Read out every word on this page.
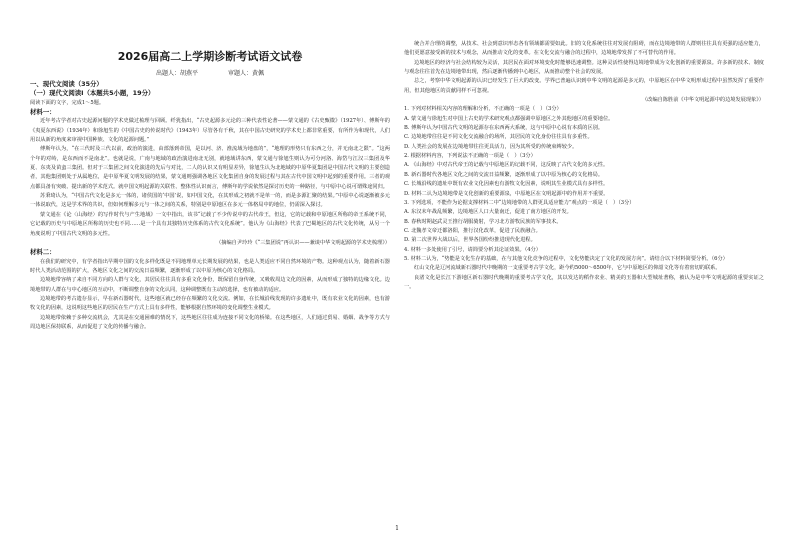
2026届高二上学期诊断考试语文试卷
出题人：胡燕平	审题人：黄佩
一、现代文阅读（35分）
（一）现代文阅读Ⅰ（本题共5小题，19分）

阅读下面的文字，完成1～5题。

材料一：

近年考古学者对古史起源问题的学术史做过梳理与回顾。纤犹指出，“古史起源多元论的三种代表性论著——蒙文通的《古史甄微》（1927年）、傅斯年的《夷夏东西说》（1934年）和徐旭生的《中国古史的传说时代》（1943年）尽管各有千秋，其在中国古史研究的学术史上都非常重要，有所作为和现代，人们用以从新的角度来审视中国种族、文化的起源问题。”

傅斯年认为，“在三代时及三代以前，政治的演进，由部落到帝国，是以河、济、淮流域为地盘的”，“地理的形势只有东西之分，并无南北之限”。“这两个年的对峙，是东西而不是南北”。也就是说，广南与地域的政治演进南北无别，就地域讲东西，蒙文通与徐旭生则认为可分河洛、海岱与江汉三集团及华夏、东夷及苗蛮三集团。但对于三集团之间文化演进的先后与对比，二人的认识又有明显差异，徐旭生认为北地域的中原华夏集团是中国古代文明的主要创造者，其他集团则处于从属地位，是中原华夏文明发展的结果，蒙文通则强调各地区文化集团自身的发展过程与其在古代中国文明中起到的重要作用。三者的观点都具备有突破、提出新的学术范式。就中国文明起源的关联性、整体性认识而言，傅斯年的学说依然是探讨历史的一种路径，与中原中心说可谓殊途同归。

苏秉琦认为，“中国古代文化是多元一体的，诸侯国的‘中国’说，如中国文化，在其形成之初就不是单一的，而是多源汇聚的结果。”中原中心说逐渐被多元一体说取代，这是学术界的共识，但如何理解多元与一体之间的关系，特别是中原地区在多元一体格局中的地位，仍需深入探讨。

蒙文通在《论〈山海经〉的写作时代与产生地域》一文中指出，该书“记载了不少传说中的古代帝王，但这，它的记载和中原地区所称的帝王系统不同，它记载的历史与中原地区所称的历史也不同……是一个具有其独特历史体系的古代文化系统”。他认为《山海经》代表了巴蜀地区的古代文化传统，从另一个角度说明了中国古代文明的多元性。

（摘编自尹玲玲《“三集团说”再认识——兼谈中华文明起源的学术史梳理》）

材料二：

在我们的研究中，有学者指出早期中国的文化多样化既是不同地理单元长期发展的结果，也是人类适应不同自然环境的产物。这种观点认为，随着新石器时代人类活动范围的扩大，各地区文化之间的交流日益频繁，逐渐形成了以中原为核心的文化格局。

边境地带容纳了来自不同方向的人群与文化，其居民往往具有多重文化身份，既保留自身传统，又吸收周边文化的因素，从而形成了独特的边缘文化。边境地带的人群在与中心地区的互动中，不断调整自身的文化认同，这种调整既有主动的选择，也有被动的适应。

边境地带的考古遗存显示，早在新石器时代，这些地区就已经存在频繁的文化交流。例如，在长城沿线发现的许多遗址中，既有农业文化的因素，也有游牧文化的因素，这说明这些地区的居民在生产方式上具有多样性，能够根据自然环境的变化调整生业模式。

边境地带依赖于多种交流机会，尤其是在交通困难的情况下，这些地区往往成为连接不同文化的桥梁。在这些地区，人们通过贸易、婚姻、战争等方式与周边地区保持联系，从而促进了文化的传播与融合。

统合并合理的调整，从技术、社会到意识形态各有领域都需要如此。旧的文化系统往往对发展有阻碍，而在边境地带的人群则往往具有更强的适应能力，他们更愿意接受新的技术与观念，从而推动文化的变革。在文化交流与融合的过程中，边境地带发挥了不可替代的作用。

边境地区的经济与社会结构较为灵活，其居民在面对环境变化时能够迅速调整。这种灵活性使得边境地带成为文化创新的重要源泉。许多新的技术、制度与观念往往首先在边境地带出现，然后逐渐传播到中心地区，从而推动整个社会的发展。

总之，考察中华文明起源的认识已经发生了巨大的改变。学界已普遍认识到中华文明的起源是多元的，中原地区在中华文明形成过程中虽然发挥了重要作用，但其他地区的贡献同样不可忽视。

（改编自陈胜前《中华文明起源中的边境发展现象》）

1. 下列对材料相关内容的理解和分析，不正确的一项是（　）（3分）

A. 蒙文通与徐旭生对中国上古史的学术研究观点都强调中原地区之外其他地区的重要地位。

B. 傅斯年认为中国古代文明的起源存在东西两大系统，这与中原中心说有本质的区别。

C. 边境地带往往是不同文化交流融合的场所，其居民的文化身份往往具有多重性。

D. 人类社会的发展在边境地带往往更具活力，因为其所受的传统束缚较少。

2. 根据材料内容，下列说法不正确的一项是（　）（3分）

A. 《山海经》中对古代帝王的记载与中原地区的记载不同，这反映了古代文化的多元性。

B. 新石器时代各地区文化之间的交流日益频繁，逐渐形成了以中原为核心的文化格局。

C. 长城沿线的遗址中既有农业文化因素也有游牧文化因素，说明其生业模式具有多样性。

D. 材料二认为边境地带是文化创新的重要源泉，中原地区在文明起源中的作用并不重要。

3. 下列选项，不能作为论据支撑材料二中“边境地带的人群更具适应能力”观点的一项是（　）（3分）

A. 东汉末年战乱频繁，边境地区人口大量南迁，促进了南方地区的开发。

B. 春秋时期赵武灵王推行胡服骑射，学习北方游牧民族的军事技术。

C. 北魏孝文帝迁都洛阳，推行汉化改革，促进了民族融合。

D. 第二次世界大战以后，世界各国纷纷推进现代化进程。

4. 材料一多处使用了引号，请简要分析其论证效果。（4分）

5. 材料二认为，“势能是文化生存的基础，在与其他文化竞争的过程中，文化势能决定了文化的发展方向”。请结合以下材料简要分析。（6分）

红山文化是辽河流域新石器时代中晚期的一支重要考古学文化，距今约5000～6500年，它与中原地区的仰韶文化等有着密切的联系。

良渚文化是长江下游地区新石器时代晚期的重要考古学文化，其以发达的稻作农业、精美的玉器和大型城址著称，被认为是中华文明起源的重要实证之一。

1
